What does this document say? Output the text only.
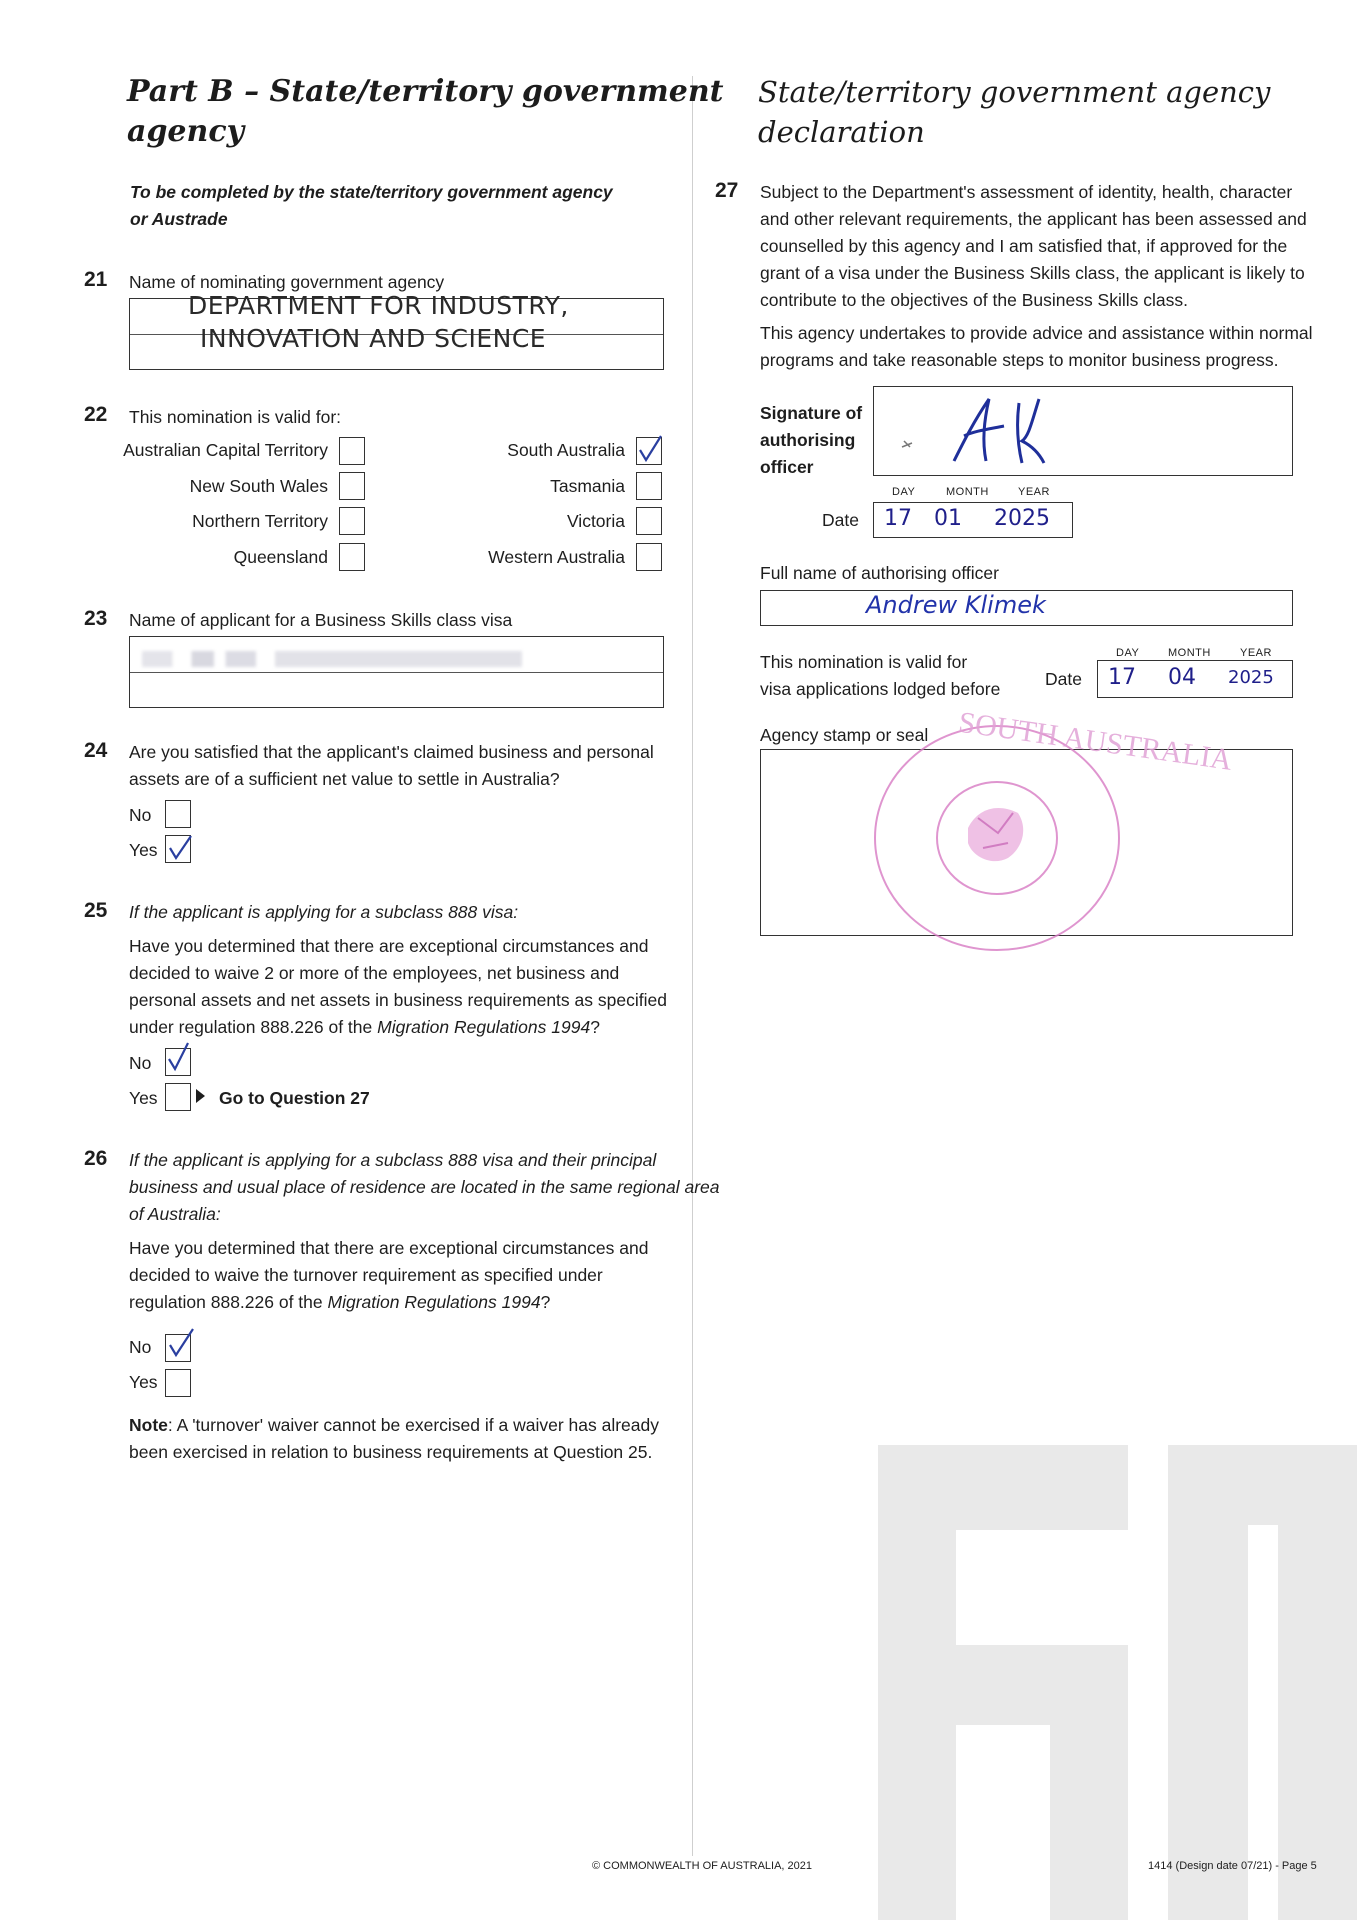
Part B – State/territory government
agency
To be completed by the state/territory government agency
or Austrade
21 Name of nominating government agency
DEPARTMENT FOR INDUSTRY,
INNOVATION AND SCIENCE
22 This nomination is valid for:
Australian Capital Territory
New South Wales
Northern Territory
Queensland
South Australia
Tasmania
Victoria
Western Australia
23 Name of applicant for a Business Skills class visa
24 Are you satisfied that the applicant's claimed business and personal
assets are of a sufficient net value to settle in Australia?
No
Yes
25 If the applicant is applying for a subclass 888 visa:
Have you determined that there are exceptional circumstances and
decided to waive 2 or more of the employees, net business and
personal assets and net assets in business requirements as specified
under regulation 888.226 of the Migration Regulations 1994?
No
Yes	Go to Question 27
26 If the applicant is applying for a subclass 888 visa and their principal
business and usual place of residence are located in the same regional area
of Australia:
Have you determined that there are exceptional circumstances and
decided to waive the turnover requirement as specified under
regulation 888.226 of the Migration Regulations 1994?
No
Yes
Note: A 'turnover' waiver cannot be exercised if a waiver has already
been exercised in relation to business requirements at Question 25.
State/territory government agency
declaration
27 Subject to the Department's assessment of identity, health, character
and other relevant requirements, the applicant has been assessed and
counselled by this agency and I am satisfied that, if approved for the
grant of a visa under the Business Skills class, the applicant is likely to
contribute to the objectives of the Business Skills class.
This agency undertakes to provide advice and assistance within normal
programs and take reasonable steps to monitor business progress.
Signature of
authorising
officer
DAY	MONTH	YEAR
Date 17 01 2025
Full name of authorising officer
Andrew Klimek
DAY	MONTH	YEAR
This nomination is valid for
visa applications lodged before	Date 17 04 2025
Agency stamp or seal SOUTH AUSTRALIA
© COMMONWEALTH OF AUSTRALIA, 2021	1414 (Design date 07/21) - Page 5
